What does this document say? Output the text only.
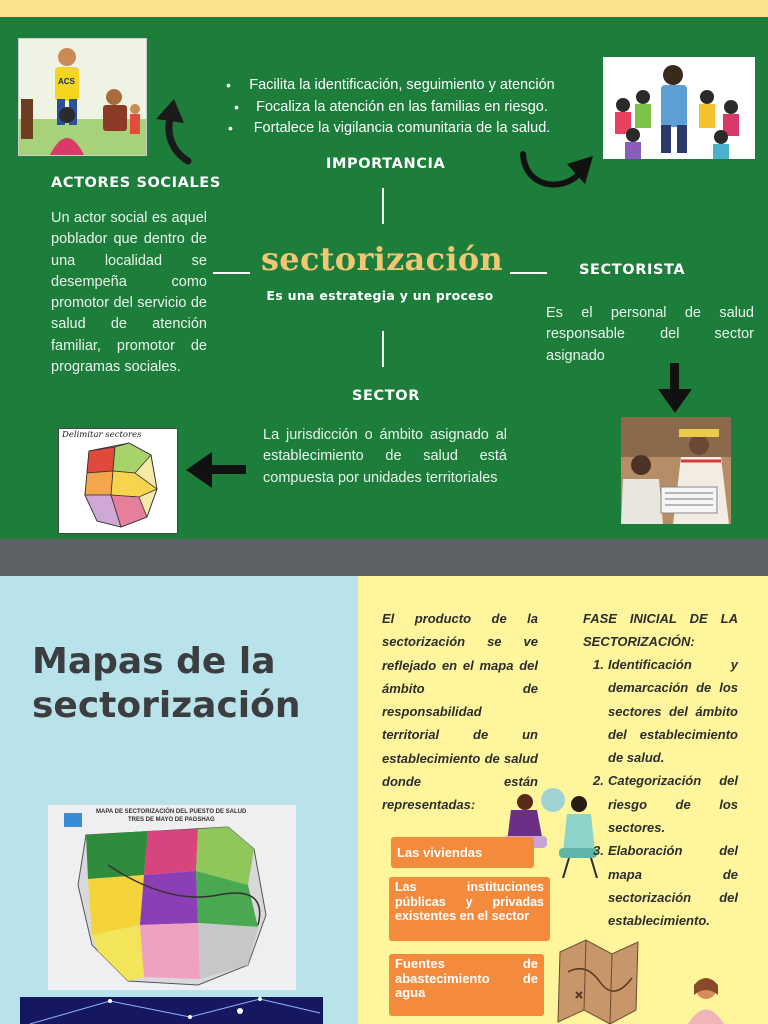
ACS	Facilita la identificación, seguimiento y atención
•
Focaliza la atención en las familias en riesgo.
•
Fortalece la vigilancia comunitaria de la salud.
•
IMPORTANCIA
ACTORES SOCIALES
Un actor social es aquel poblador que dentro de una localidad se desempeña como promotor del servicio de salud de atención familiar, promotor de programas sociales.
sectorización
Es una estrategia y un proceso
SECTORISTA
Es el personal de salud responsable del sector asignado
SECTOR
La jurisdicción o ámbito asignado al establecimiento de salud está compuesta por unidades territoriales
Delimitar sectores
Mapas de la
sectorización
MAPA DE SECTORIZACIÓN DEL PUESTO DE SALUD
TRES DE MAYO DE PAGSHAG
El producto de la sectorización se ve reflejado en el mapa del ámbito de responsabilidad territorial de un establecimiento de salud donde están representadas:
Las viviendas
Las instituciones públicas y privadas existentes en el sector
Fuentes de abastecimiento de agua
FASE INICIAL DE LA SECTORIZACIÓN:
1. Identificación y demarcación de los sectores del ámbito del establecimiento de salud.
2. Categorización del riesgo de los sectores.
3. Elaboración del mapa de sectorización del establecimiento.
